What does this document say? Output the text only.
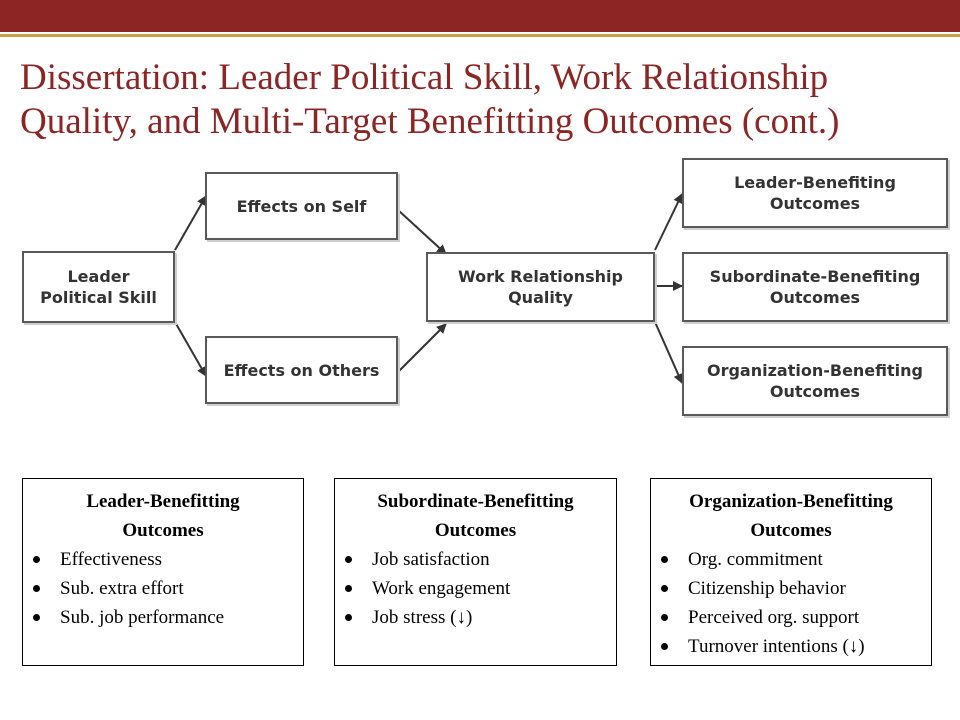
Dissertation: Leader Political Skill, Work Relationship
Quality, and Multi-Target Benefitting Outcomes (cont.)
Leader
Political Skill
Effects on Self
Effects on Others
Work Relationship
Quality
Leader-Benefiting
Outcomes
Subordinate-Benefiting
Outcomes
Organization-Benefiting
Outcomes
Leader-Benefitting
Outcomes
Effectiveness
Sub. extra effort
Sub. job performance
Subordinate-Benefitting
Outcomes
Job satisfaction
Work engagement
Job stress (↓)
Organization-Benefitting
Outcomes
Org. commitment
Citizenship behavior
Perceived org. support
Turnover intentions (↓)
